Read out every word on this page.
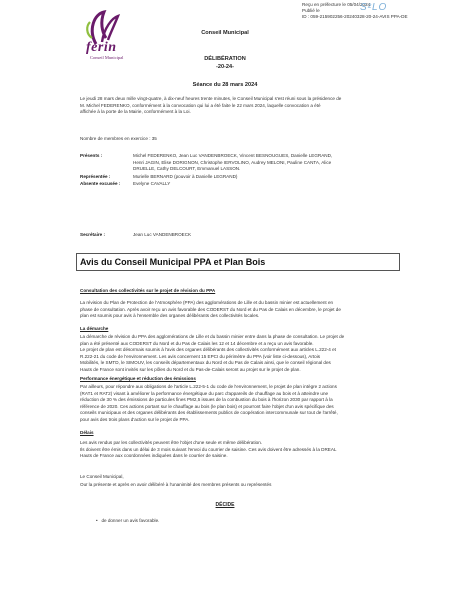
ferin
Conseil Municipal
Reçu en préfecture le 05/04/2024
Publié le
ID : 059-215902256-20240328-20-24-AVIS PPA-DE
S²LO
Conseil Municipal
DÉLIBÉRATION
-20-24-
Séance du 28 mars 2024
Le jeudi 28 mars deux mille vingt-quatre, à dix-neuf heures trente minutes, le Conseil Municipal s'est réuni sous la présidence de
M. Michel FEDERENKO, conformément à la convocation qui lui a été faite le 22 mars 2024, laquelle convocation a été
affichée à la porte de la Mairie, conformément à la Loi.
Nombre de membres en exercice : 35
Présents :	Michel FEDERENKO, Jean Luc VANDENBROECK, Vincent BESNOUGUES, Danielle LEGRAND,
Henri JAGIN, Elise DORIGNON, Christophe IERVOLINO, Audrey MELONI, Pauline CANTA, Alice
DRUELLE, Cathy DELCOURT, Emmanuel LASSON.
Représentée :	Murielle BERNARD (pouvoir à Danielle LEGRAND)
Absente excusée :	Evelyne CAVALLY
Secrétaire :	Jean Luc VANDENBROECK
Avis du Conseil Municipal PPA et Plan Bois
Consultation des collectivités sur le projet de révision du PPA
La révision du Plan de Protection de l'Atmosphère (PPA) des agglomérations de Lille et du bassin minier est actuellement en
phase de consultation. Après avoir reçu un avis favorable des CODERST du Nord et du Pas de Calais en décembre, le projet de
plan est soumis pour avis à l'ensemble des organes délibérants des collectivités locales.
La démarche
La démarche de révision du PPA des agglomérations de Lille et du bassin minier entre dans la phase de consultation. Le projet de
plan a été présenté aux CODERST du Nord et du Pas de Calais les 12 et 14 décembre et a reçu un avis favorable.
Le projet de plan est désormais soumis à l'avis des organes délibérants des collectivités conformément aux articles L.222-4 et
R.222-21 du code de l'environnement. Les avis concernent 15 EPCI du périmètre du PPA (voir liste ci-dessous), Artois
Mobilités, le SMTD, le SIMOUV, les conseils départementaux du Nord et du Pas de Calais ainsi, que le conseil régional des
Hauts de France sont invités sur les pôles du Nord et du Pas-de-Calais seront au projet sur le projet de plan.
Performance énergétique et réduction des émissions
Par ailleurs, pour répondre aux obligations de l'article L.222-5-1 du code de l'environnement, le projet de plan intègre 2 actions
(RAT1 et RAT2) visant à améliorer la performance énergétique du parc d'appareils de chauffage au bois et à atteindre une
réduction de 30 % des émissions de particules fines PM2,5 issues de la combustion du bois à l'horizon 2030 par rapport à la
référence de 2020. Ces actions portant sur le chauffage au bois (le plan bois) et pourront faire l'objet d'un avis spécifique des
conseils municipaux et des organes délibérants des établissements publics de coopération intercommunale sur tout de l'arrêté,
pour avis des trois plans d'action sur le projet de PPA.
Délais
Les avis rendus par les collectivités peuvent être l'objet d'une seule et même délibération.
Ils doivent être émis dans un délai de 3 mois suivant l'envoi du courrier de saisine. Ces avis doivent être adressés à la DREAL
Hauts de France aux coordonnées indiquées dans le courrier de saisine.
Le Conseil Municipal,
Ouï la présente et après en avoir délibéré à l'unanimité des membres présents ou représentés
DÉCIDE
•   de donner un avis favorable.
